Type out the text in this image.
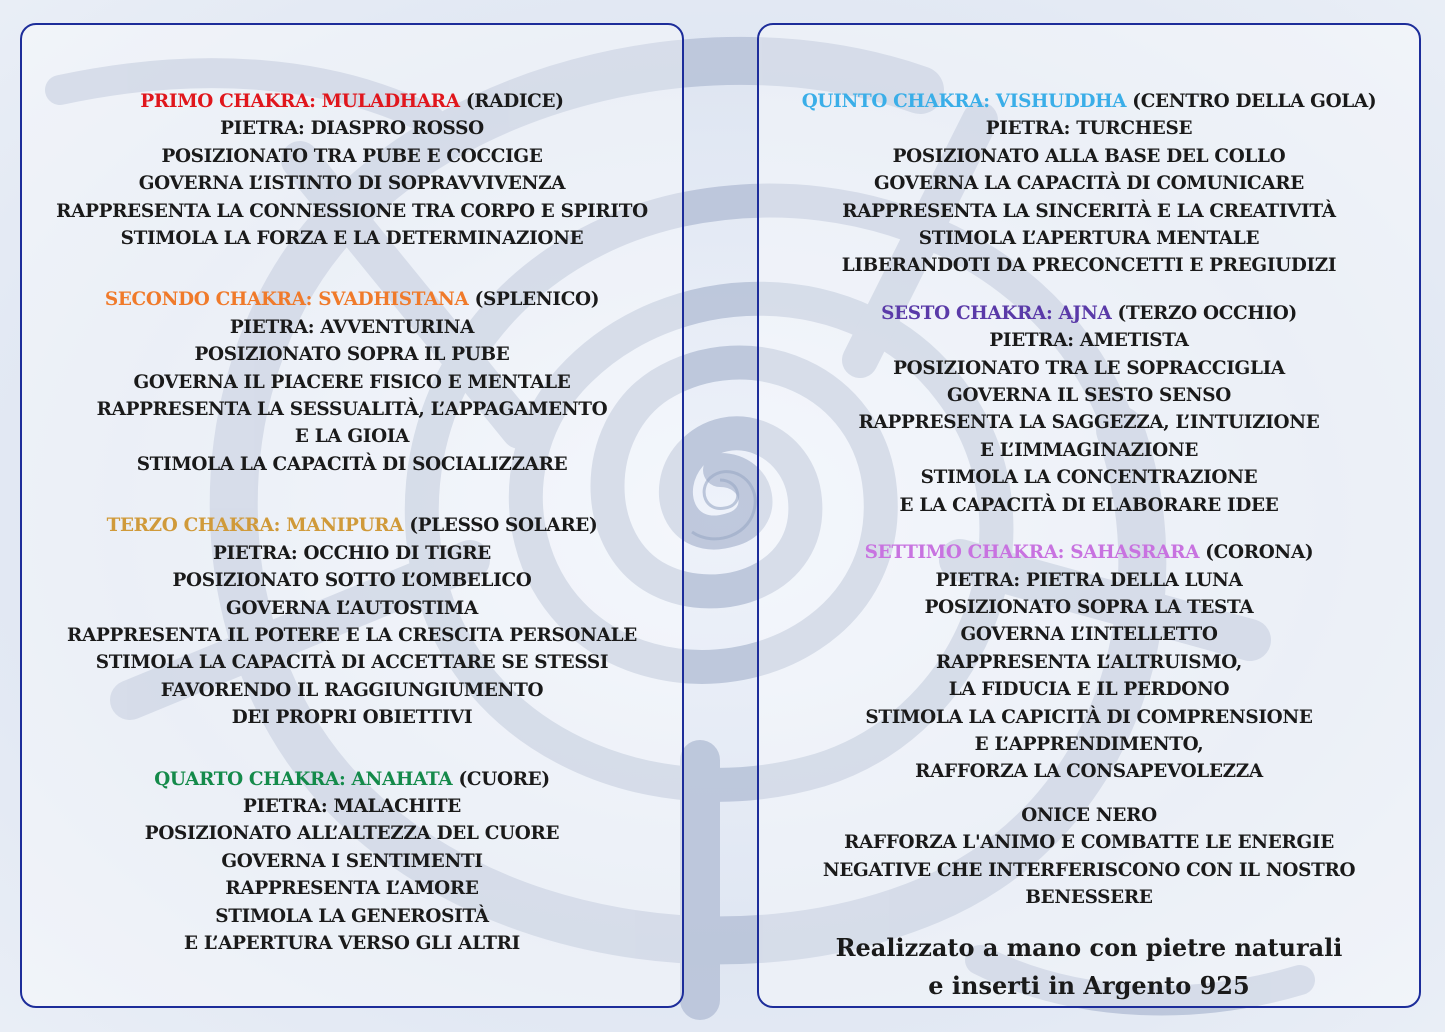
PRIMO CHAKRA: MULADHARA (RADICE)
PIETRA: DIASPRO ROSSO
POSIZIONATO TRA PUBE E COCCIGE
GOVERNA L’ISTINTO DI SOPRAVVIVENZA
RAPPRESENTA LA CONNESSIONE TRA CORPO E SPIRITO
STIMOLA LA FORZA E LA DETERMINAZIONE
SECONDO CHAKRA: SVADHISTANA (SPLENICO)
PIETRA: AVVENTURINA
POSIZIONATO SOPRA IL PUBE
GOVERNA IL PIACERE FISICO E MENTALE
RAPPRESENTA LA SESSUALITÀ, L’APPAGAMENTO
E LA GIOIA
STIMOLA LA CAPACITÀ DI SOCIALIZZARE
TERZO CHAKRA: MANIPURA (PLESSO SOLARE)
PIETRA: OCCHIO DI TIGRE
POSIZIONATO SOTTO L’OMBELICO
GOVERNA L’AUTOSTIMA
RAPPRESENTA IL POTERE E LA CRESCITA PERSONALE
STIMOLA LA CAPACITÀ DI ACCETTARE SE STESSI
FAVORENDO IL RAGGIUNGIUMENTO
DEI PROPRI OBIETTIVI
QUARTO CHAKRA: ANAHATA (CUORE)
PIETRA: MALACHITE
POSIZIONATO ALL’ALTEZZA DEL CUORE
GOVERNA I SENTIMENTI
RAPPRESENTA L’AMORE
STIMOLA LA GENEROSITÀ
E L’APERTURA VERSO GLI ALTRI
QUINTO CHAKRA: VISHUDDHA (CENTRO DELLA GOLA)
PIETRA: TURCHESE
POSIZIONATO ALLA BASE DEL COLLO
GOVERNA LA CAPACITÀ DI COMUNICARE
RAPPRESENTA LA SINCERITÀ E LA CREATIVITÀ
STIMOLA L’APERTURA MENTALE
LIBERANDOTI DA PRECONCETTI E PREGIUDIZI
SESTO CHAKRA: AJNA (TERZO OCCHIO)
PIETRA: AMETISTA
POSIZIONATO TRA LE SOPRACCIGLIA
GOVERNA IL SESTO SENSO
RAPPRESENTA LA SAGGEZZA, L’INTUIZIONE
E L’IMMAGINAZIONE
STIMOLA LA CONCENTRAZIONE
E LA CAPACITÀ DI ELABORARE IDEE
SETTIMO CHAKRA: SAHASRARA (CORONA)
PIETRA: PIETRA DELLA LUNA
POSIZIONATO SOPRA LA TESTA
GOVERNA L’INTELLETTO
RAPPRESENTA L’ALTRUISMO,
LA FIDUCIA E IL PERDONO
STIMOLA LA CAPICITÀ DI COMPRENSIONE
E L’APPRENDIMENTO,
RAFFORZA LA CONSAPEVOLEZZA
ONICE NERO
RAFFORZA L'ANIMO E COMBATTE LE ENERGIE
NEGATIVE CHE INTERFERISCONO CON IL NOSTRO
BENESSERE
Realizzato a mano con pietre naturali
e inserti in Argento 925
